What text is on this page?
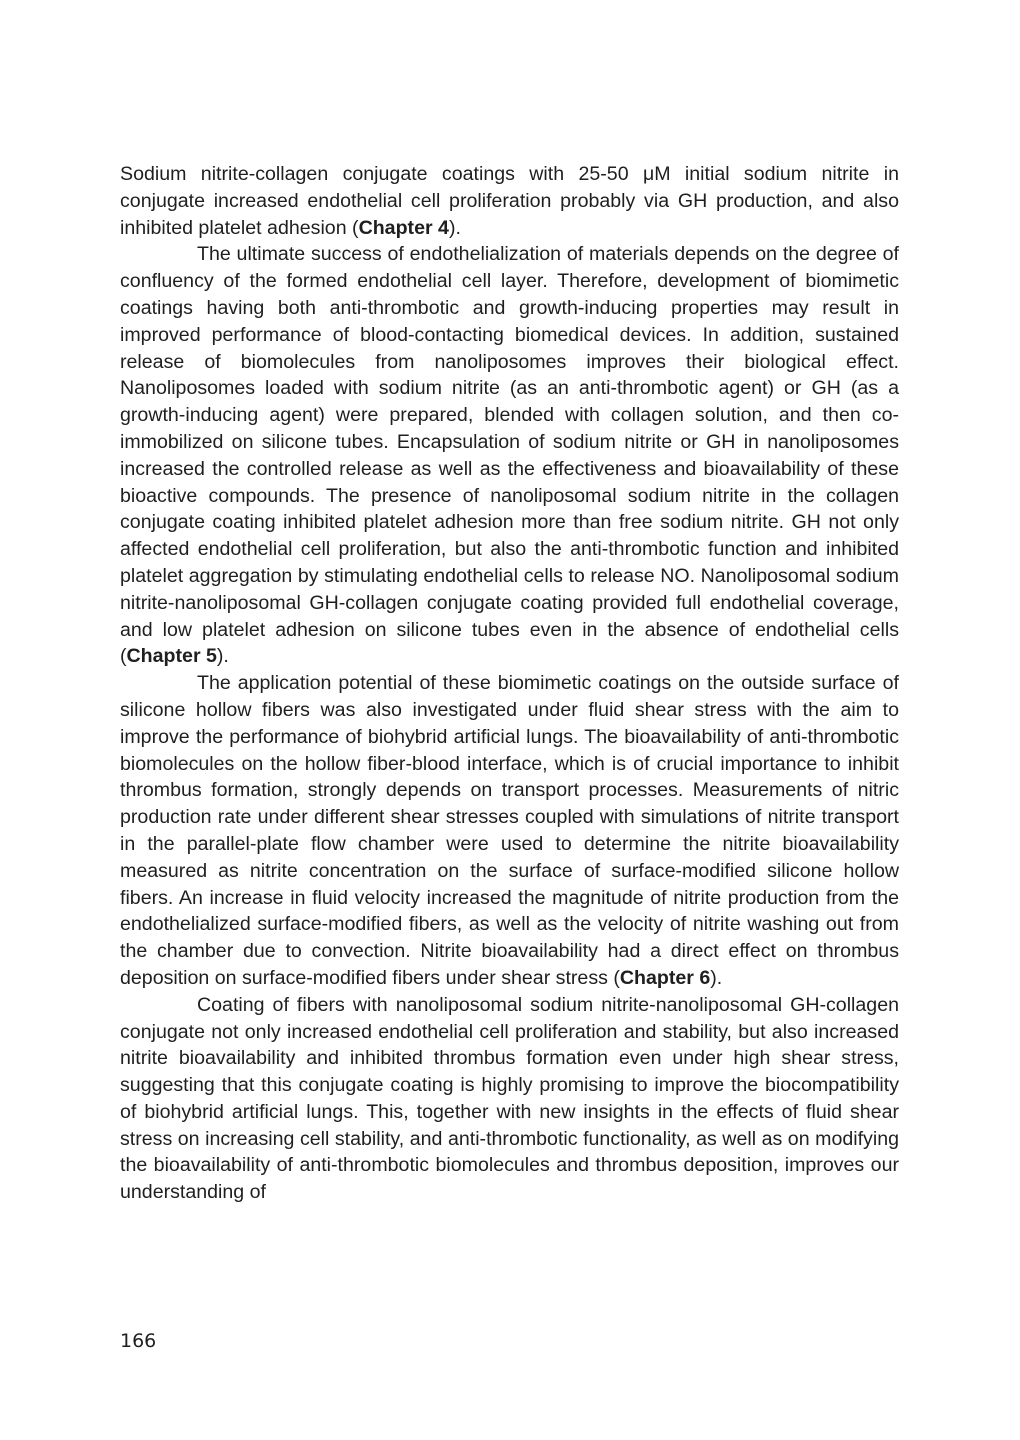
Sodium nitrite-collagen conjugate coatings with 25-50 μM initial sodium nitrite in conjugate increased endothelial cell proliferation probably via GH production, and also inhibited platelet adhesion (Chapter 4).

The ultimate success of endothelialization of materials depends on the degree of confluency of the formed endothelial cell layer. Therefore, development of biomimetic coatings having both anti-thrombotic and growth-inducing properties may result in improved performance of blood-contacting biomedical devices. In addition, sustained release of biomolecules from nanoliposomes improves their biological effect. Nanoliposomes loaded with sodium nitrite (as an anti-thrombotic agent) or GH (as a growth-inducing agent) were prepared, blended with collagen solution, and then co-immobilized on silicone tubes. Encapsulation of sodium nitrite or GH in nanoliposomes increased the controlled release as well as the effectiveness and bioavailability of these bioactive compounds. The presence of nanoliposomal sodium nitrite in the collagen conjugate coating inhibited platelet adhesion more than free sodium nitrite. GH not only affected endothelial cell proliferation, but also the anti-thrombotic function and inhibited platelet aggregation by stimulating endothelial cells to release NO. Nanoliposomal sodium nitrite-nanoliposomal GH-collagen conjugate coating provided full endothelial coverage, and low platelet adhesion on silicone tubes even in the absence of endothelial cells (Chapter 5).

The application potential of these biomimetic coatings on the outside surface of silicone hollow fibers was also investigated under fluid shear stress with the aim to improve the performance of biohybrid artificial lungs. The bioavailability of anti-thrombotic biomolecules on the hollow fiber-blood interface, which is of crucial importance to inhibit thrombus formation, strongly depends on transport processes. Measurements of nitric production rate under different shear stresses coupled with simulations of nitrite transport in the parallel-plate flow chamber were used to determine the nitrite bioavailability measured as nitrite concentration on the surface of surface-modified silicone hollow fibers. An increase in fluid velocity increased the magnitude of nitrite production from the endothelialized surface-modified fibers, as well as the velocity of nitrite washing out from the chamber due to convection. Nitrite bioavailability had a direct effect on thrombus deposition on surface-modified fibers under shear stress (Chapter 6).

Coating of fibers with nanoliposomal sodium nitrite-nanoliposomal GH-collagen conjugate not only increased endothelial cell proliferation and stability, but also increased nitrite bioavailability and inhibited thrombus formation even under high shear stress, suggesting that this conjugate coating is highly promising to improve the biocompatibility of biohybrid artificial lungs. This, together with new insights in the effects of fluid shear stress on increasing cell stability, and anti-thrombotic functionality, as well as on modifying the bioavailability of anti-thrombotic biomolecules and thrombus deposition, improves our understanding of

166
